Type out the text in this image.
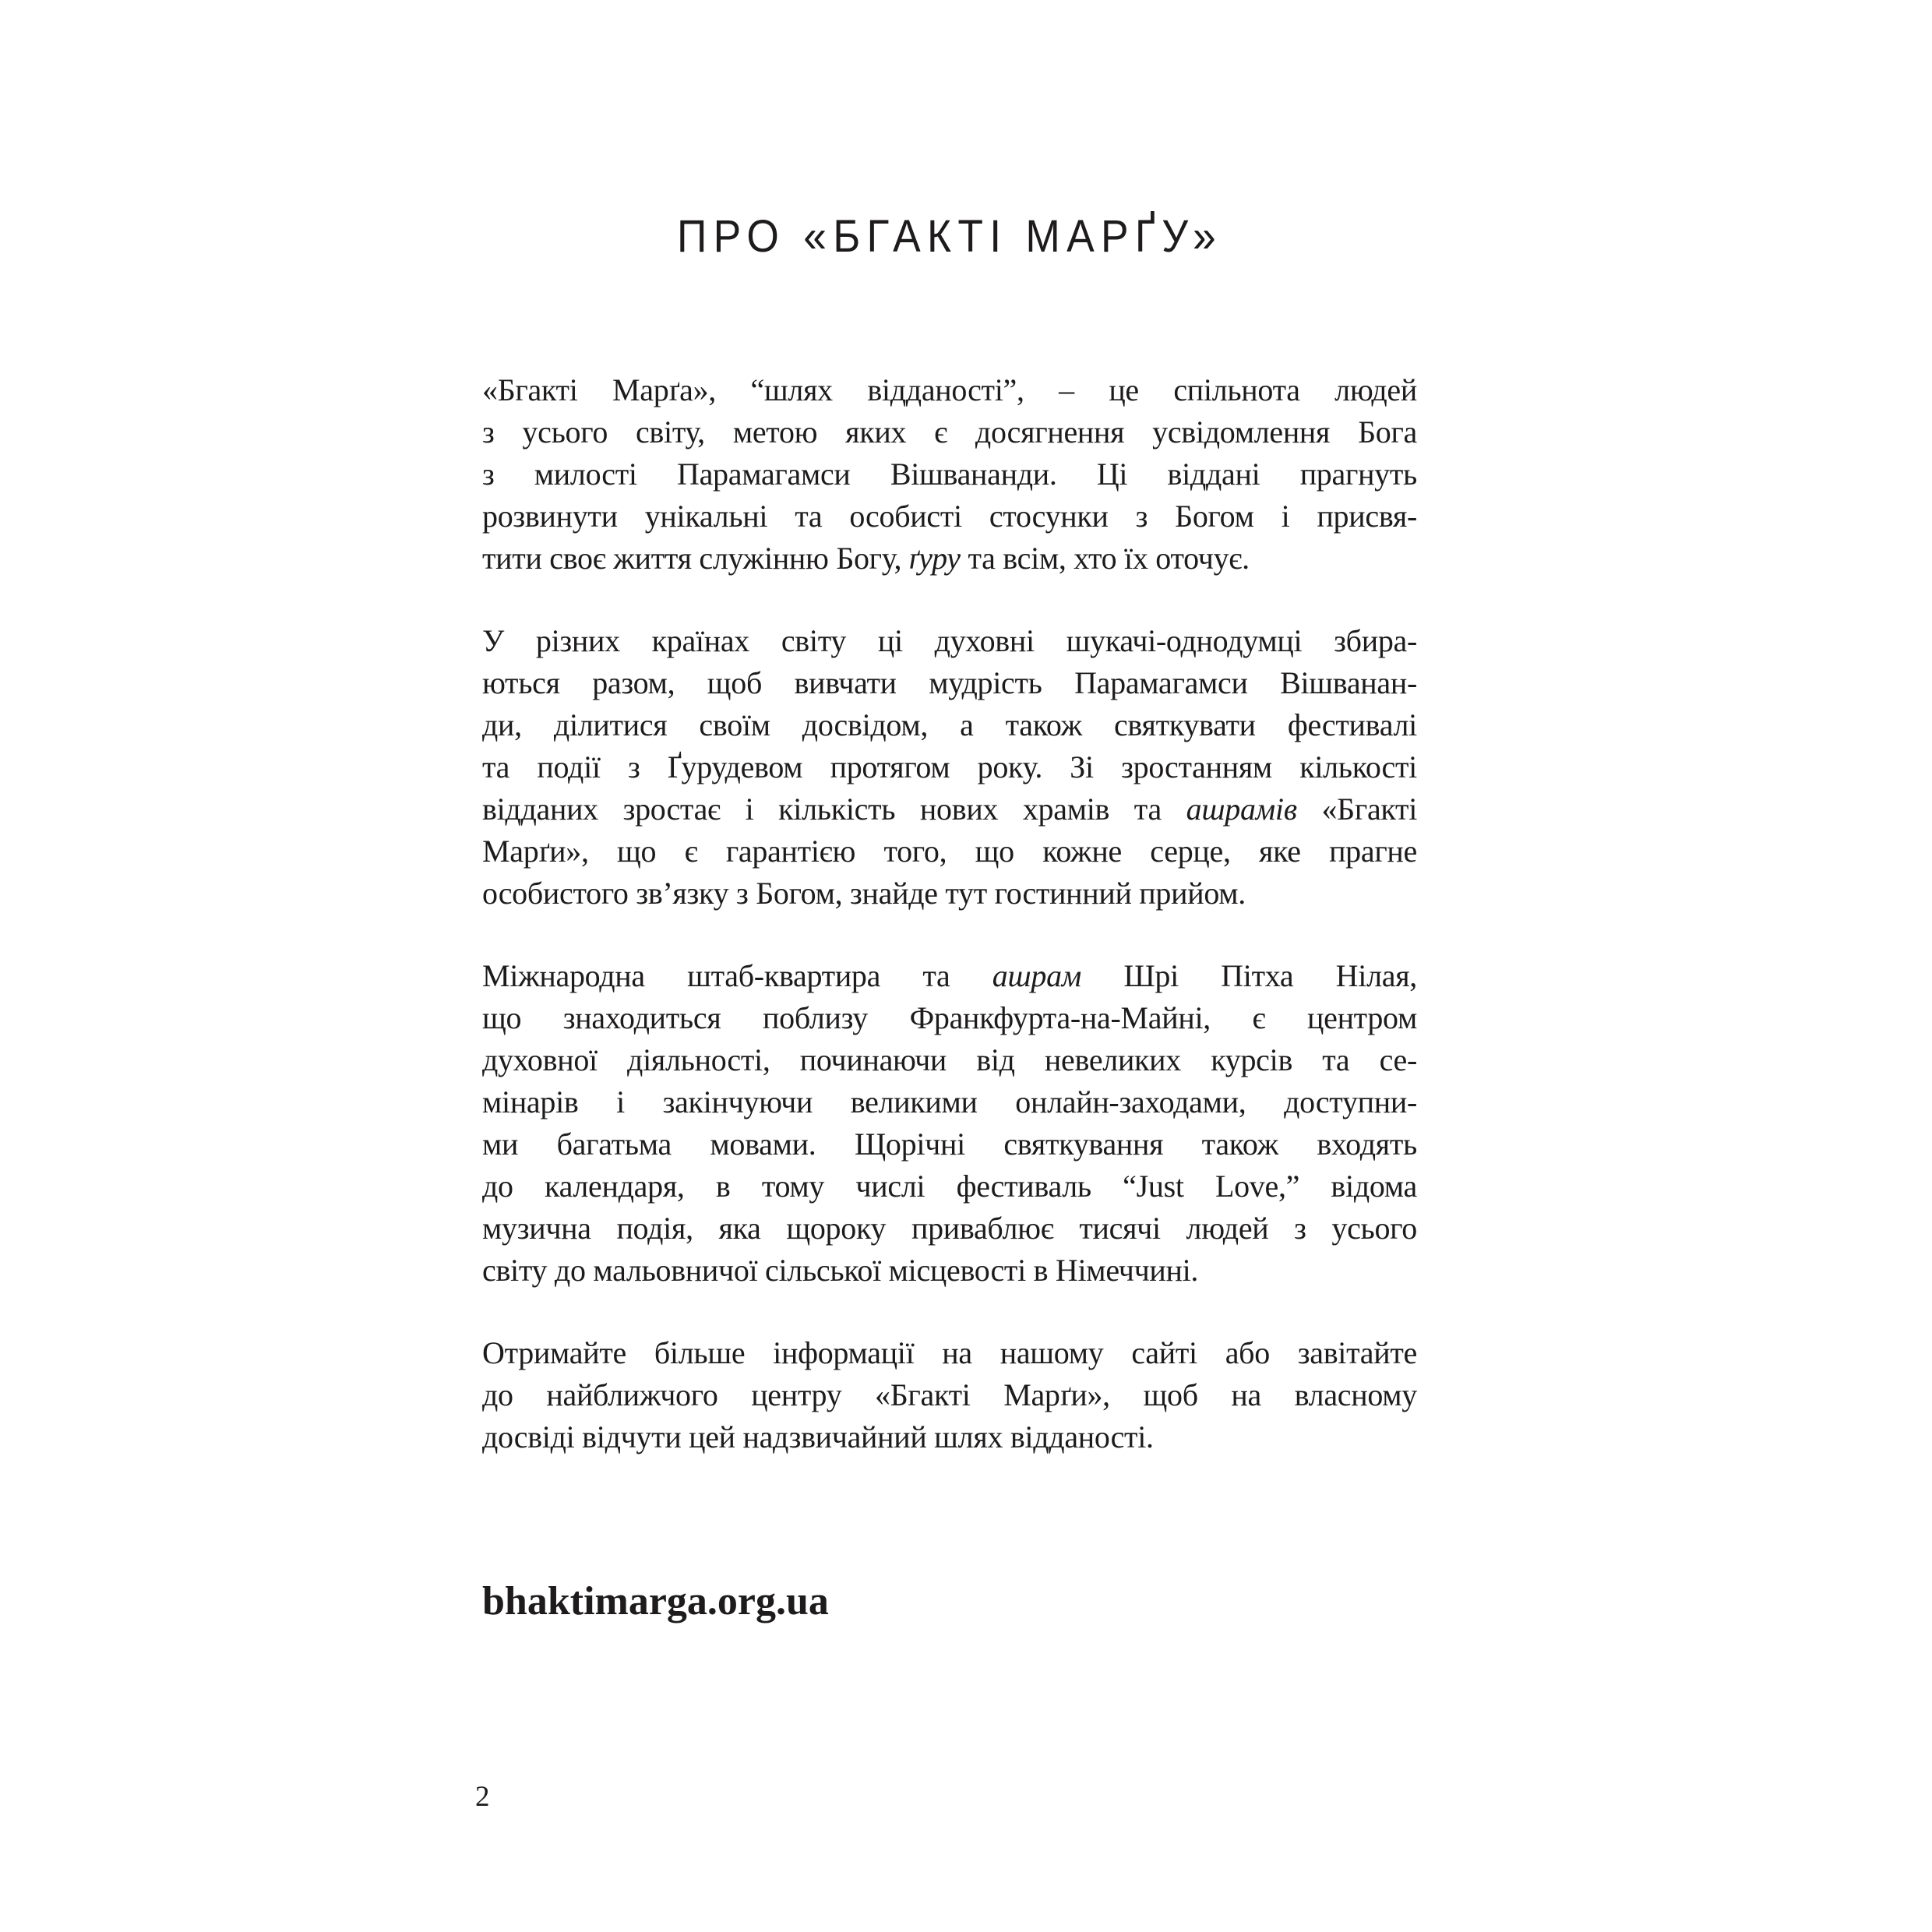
ПРО «БГАКТІ МАРҐУ»
«Бгакті Марґа», “шлях відданості”, – це спільнота людей
з усього світу, метою яких є досягнення усвідомлення Бога
з милості Парамагамси Вішвананди. Ці віддані прагнуть
розвинути унікальні та особисті стосунки з Богом і присвя-
тити своє життя служінню Богу, ґуру та всім, хто їх оточує.
У різних країнах світу ці духовні шукачі-однодумці збира-
ються разом, щоб вивчати мудрість Парамагамси Вішванан-
ди, ділитися своїм досвідом, а також святкувати фестивалі
та події з Ґурудевом протягом року. Зі зростанням кількості
відданих зростає і кількість нових храмів та ашрамів «Бгакті
Марґи», що є гарантією того, що кожне серце, яке прагне
особистого зв’язку з Богом, знайде тут гостинний прийом.
Міжнародна штаб-квартира та ашрам Шрі Пітха Нілая,
що знаходиться поблизу Франкфурта-на-Майні, є центром
духовної діяльності, починаючи від невеликих курсів та се-
мінарів і закінчуючи великими онлайн-заходами, доступни-
ми багатьма мовами. Щорічні святкування також входять
до календаря, в тому числі фестиваль “Just Love,” відома
музична подія, яка щороку приваблює тисячі людей з усього
світу до мальовничої сільської місцевості в Німеччині.
Отримайте більше інформації на нашому сайті або завітайте
до найближчого центру «Бгакті Марґи», щоб на власному
досвіді відчути цей надзвичайний шлях відданості.
bhaktimarga.org.ua
2
